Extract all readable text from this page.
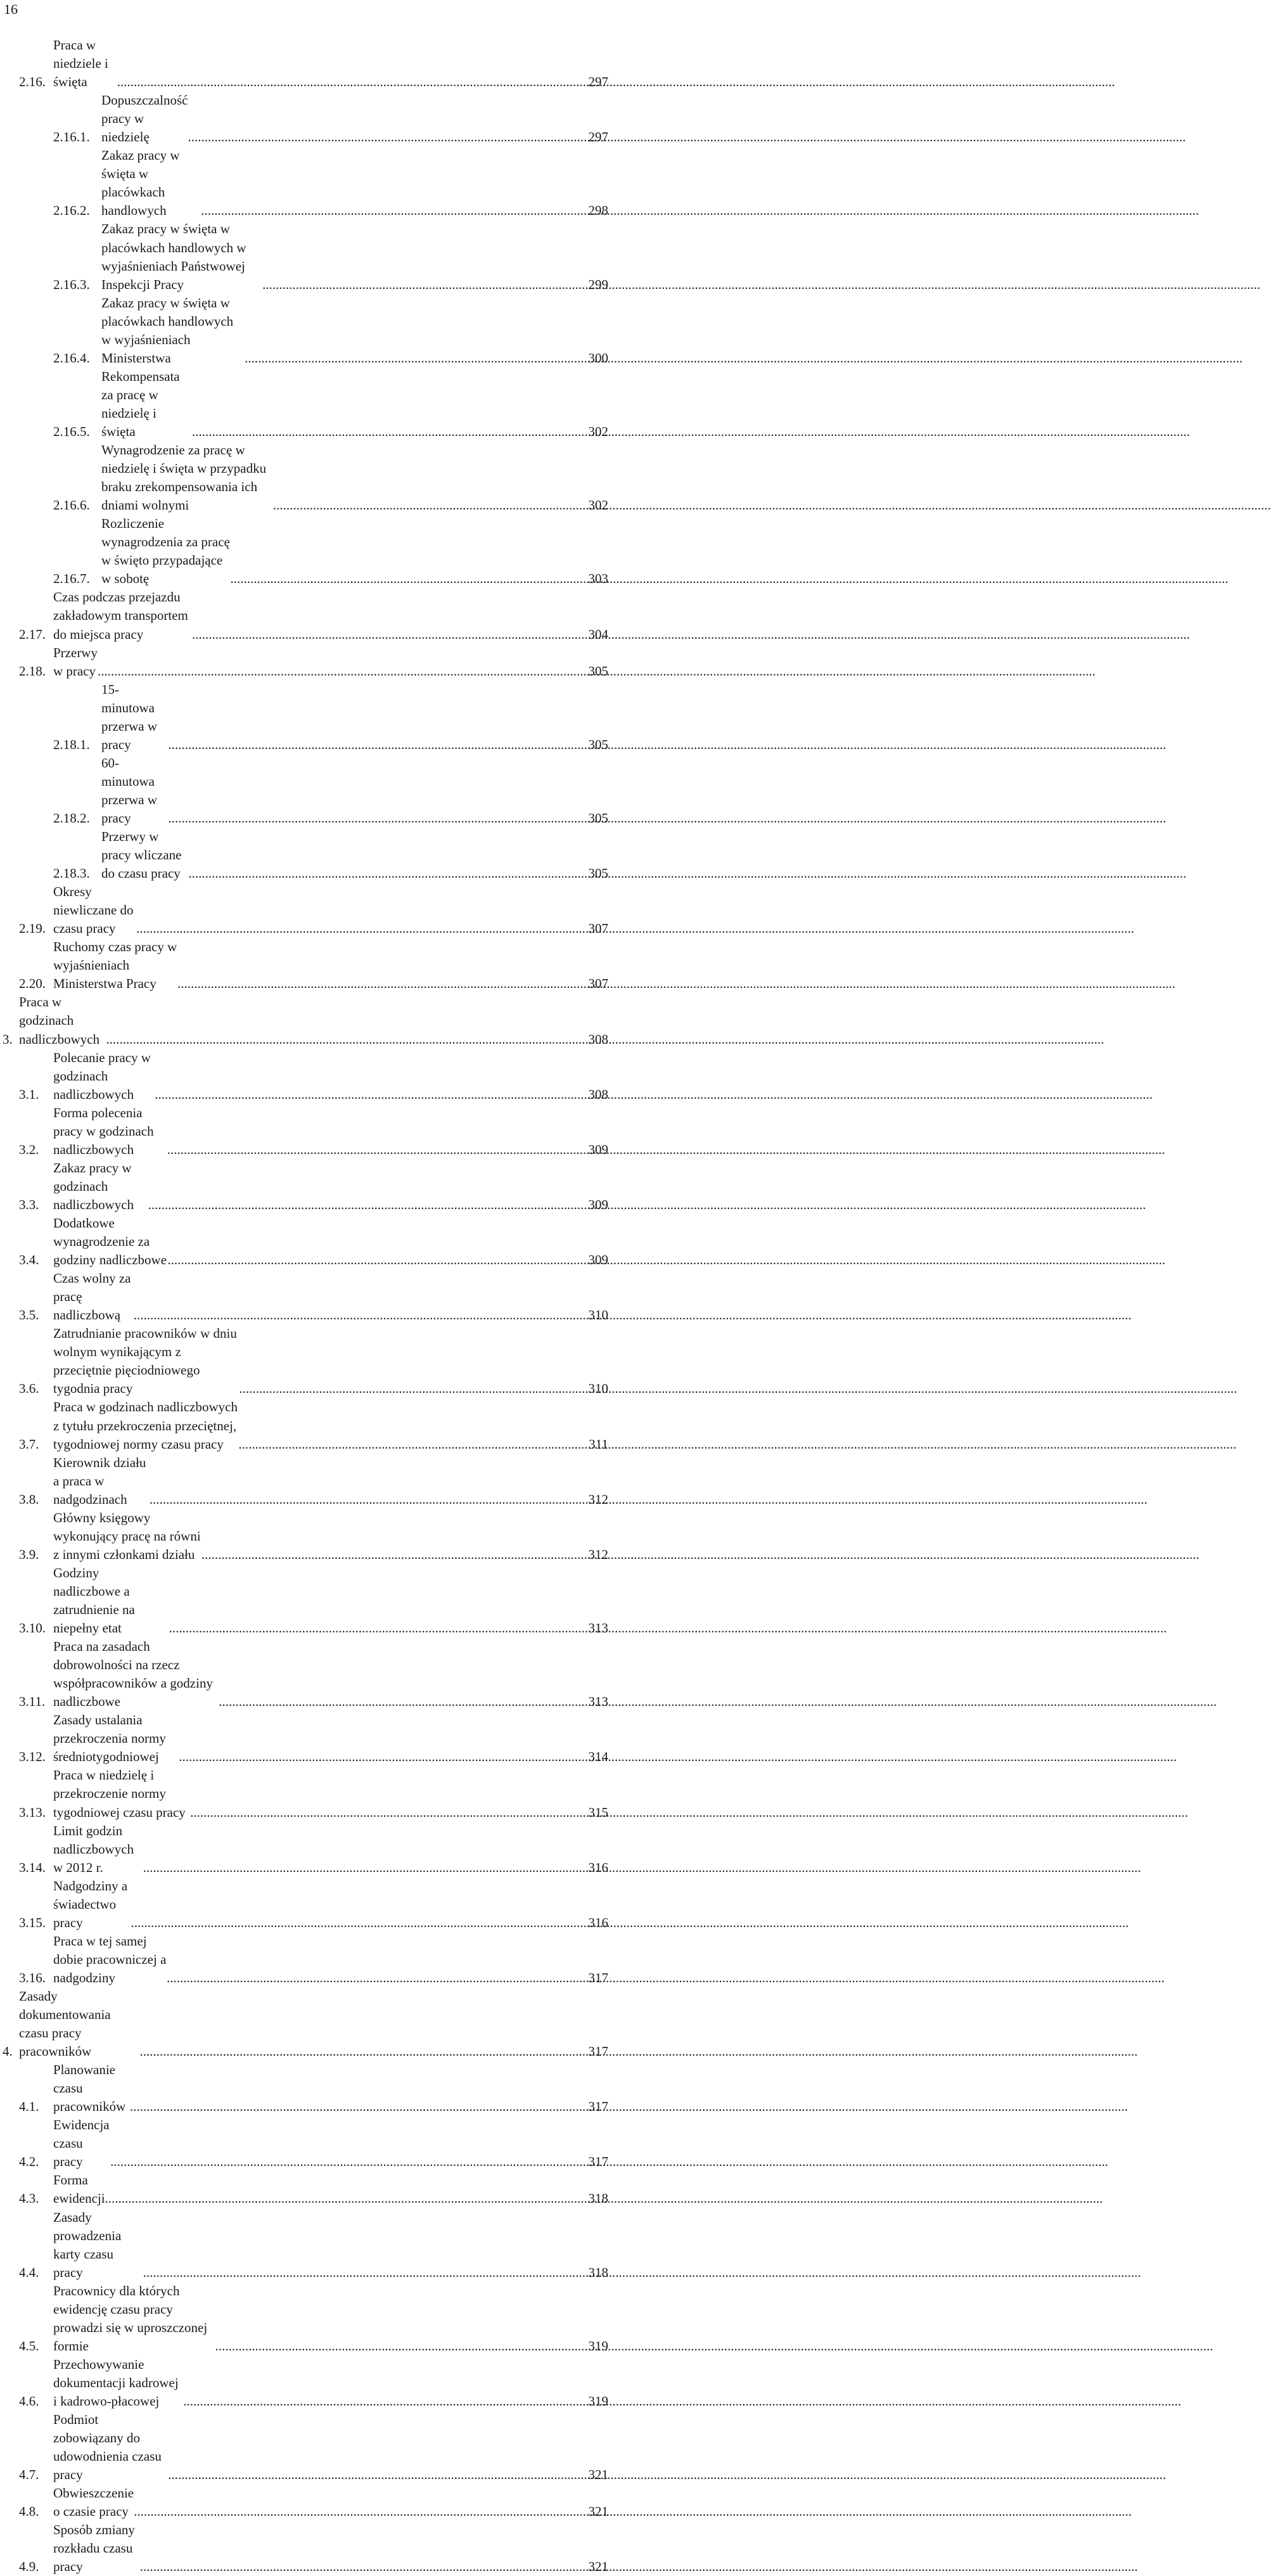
16
2.16.
Praca w niedziele i święta .....	297
2.16.1.
Dopuszczalność pracy w niedzielę .....	297
2.16.2.
Zakaz pracy w święta w placówkach handlowych .....	298
2.16.3.
Zakaz pracy w święta w placówkach handlowych w wyjaśnieniach Państwowej Inspekcji Pracy .....	299
2.16.4.
Zakaz pracy w święta w placówkach handlowych w wyjaśnieniach Ministerstwa .....	300
2.16.5.
Rekompensata za pracę w niedzielę i święta .....	302
2.16.6.
Wynagrodzenie za pracę w niedzielę i święta w przypadku braku zrekompensowania ich dniami wolnymi .....	302
2.16.7.
Rozliczenie wynagrodzenia za pracę w święto przypadające w sobotę .....	303
2.17.
Czas podczas przejazdu zakładowym transportem do miejsca pracy .....	304
2.18.
Przerwy w pracy .....	305
2.18.1.
15-minutowa przerwa w pracy .....	305
2.18.2.
60-minutowa przerwa w pracy .....	305
2.18.3.
Przerwy w pracy wliczane do czasu pracy .....	305
2.19.
Okresy niewliczane do czasu pracy .....	307
2.20.
Ruchomy czas pracy w wyjaśnieniach Ministerstwa Pracy .....	307
3.
Praca w godzinach nadliczbowych .....	308
3.1.
Polecanie pracy w godzinach nadliczbowych .....	308
3.2.
Forma polecenia pracy w godzinach nadliczbowych .....	309
3.3.
Zakaz pracy w godzinach nadliczbowych .....	309
3.4.
Dodatkowe wynagrodzenie za godziny nadliczbowe .....	309
3.5.
Czas wolny za pracę nadliczbową .....	310
3.6.
Zatrudnianie pracowników w dniu wolnym wynikającym z przeciętnie pięciodniowego tygodnia pracy .....	310
3.7.
Praca w godzinach nadliczbowych z tytułu przekroczenia przeciętnej, tygodniowej normy czasu pracy .....	311
3.8.
Kierownik działu a praca w nadgodzinach .....	312
3.9.
Główny księgowy wykonujący pracę na równi z innymi członkami działu .....	312
3.10.
Godziny nadliczbowe a zatrudnienie na niepełny etat .....	313
3.11.
Praca na zasadach dobrowolności na rzecz współpracowników a godziny nadliczbowe .....	313
3.12.
Zasady ustalania przekroczenia normy średniotygodniowej .....	314
3.13.
Praca w niedzielę i przekroczenie normy tygodniowej czasu pracy .....	315
3.14.
Limit godzin nadliczbowych w 2012 r. .....	316
3.15.
Nadgodziny a świadectwo pracy .....	316
3.16.
Praca w tej samej dobie pracowniczej a nadgodziny .....	317
4.
Zasady dokumentowania czasu pracy pracowników .....	317
4.1.
Planowanie czasu pracowników .....	317
4.2.
Ewidencja czasu pracy .....	317
4.3.
Forma ewidencji .....	318
4.4.
Zasady prowadzenia karty czasu pracy .....	318
4.5.
Pracownicy dla których ewidencję czasu pracy prowadzi się w uproszczonej formie .....	319
4.6.
Przechowywanie dokumentacji kadrowej i kadrowo-płacowej .....	319
4.7.
Podmiot zobowiązany do udowodnienia czasu pracy .....	321
4.8.
Obwieszczenie o czasie pracy .....	321
4.9.
Sposób zmiany rozkładu czasu pracy .....	321
